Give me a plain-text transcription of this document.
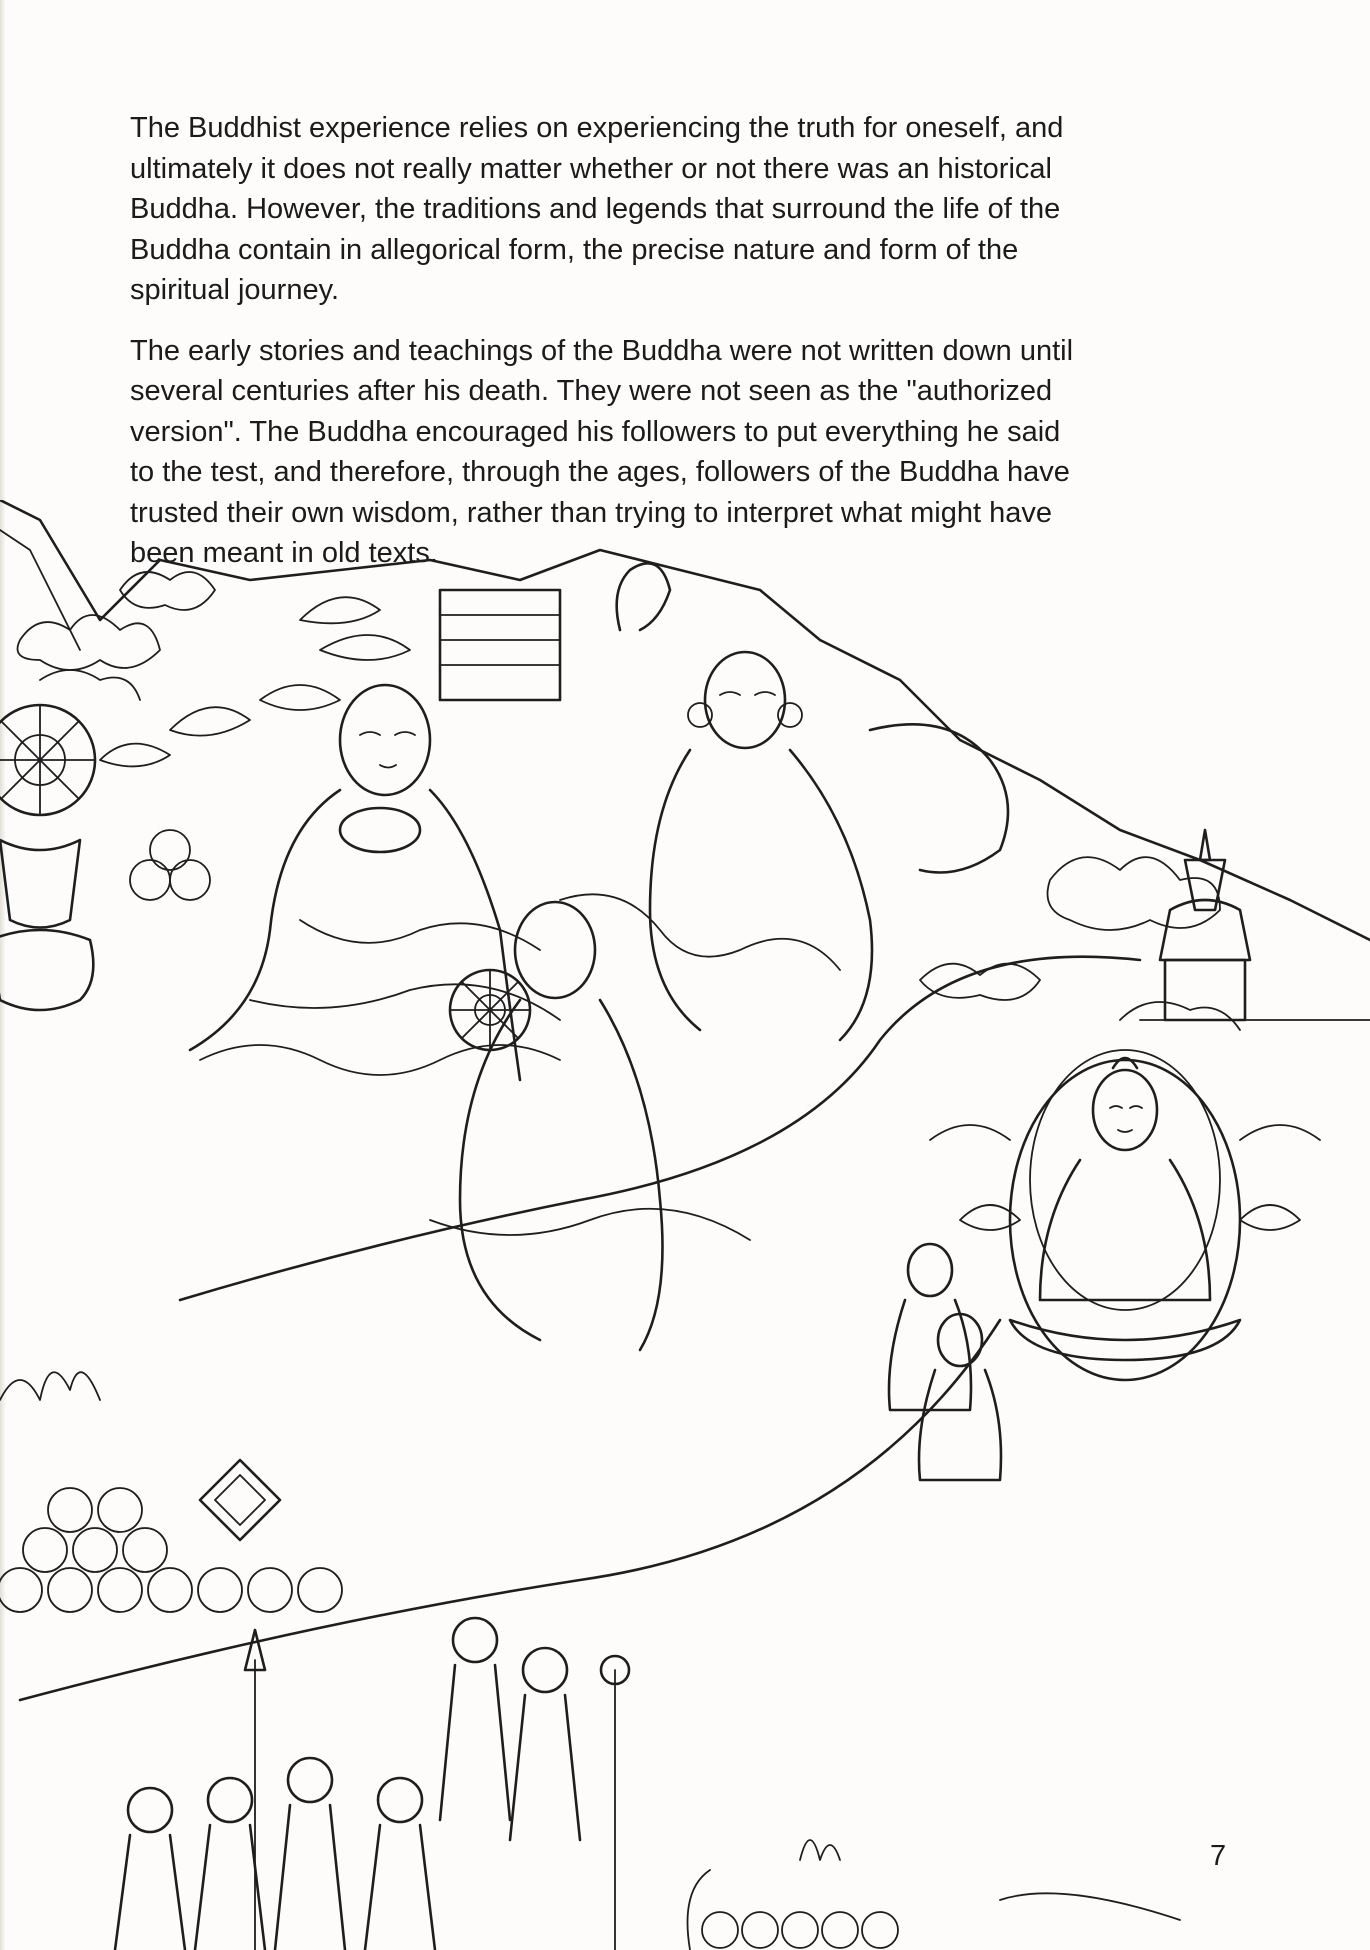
The Buddhist experience relies on experiencing the truth for oneself, and
ultimately it does not really matter whether or not there was an historical
Buddha. However, the traditions and legends that surround the life of the
Buddha contain in allegorical form, the precise nature and form of the
spiritual journey.

The early stories and teachings of the Buddha were not written down until
several centuries after his death. They were not seen as the "authorized
version". The Buddha encouraged his followers to put everything he said
to the test, and therefore, through the ages, followers of the Buddha have
trusted their own wisdom, rather than trying to interpret what might have
been meant in old texts.

7
